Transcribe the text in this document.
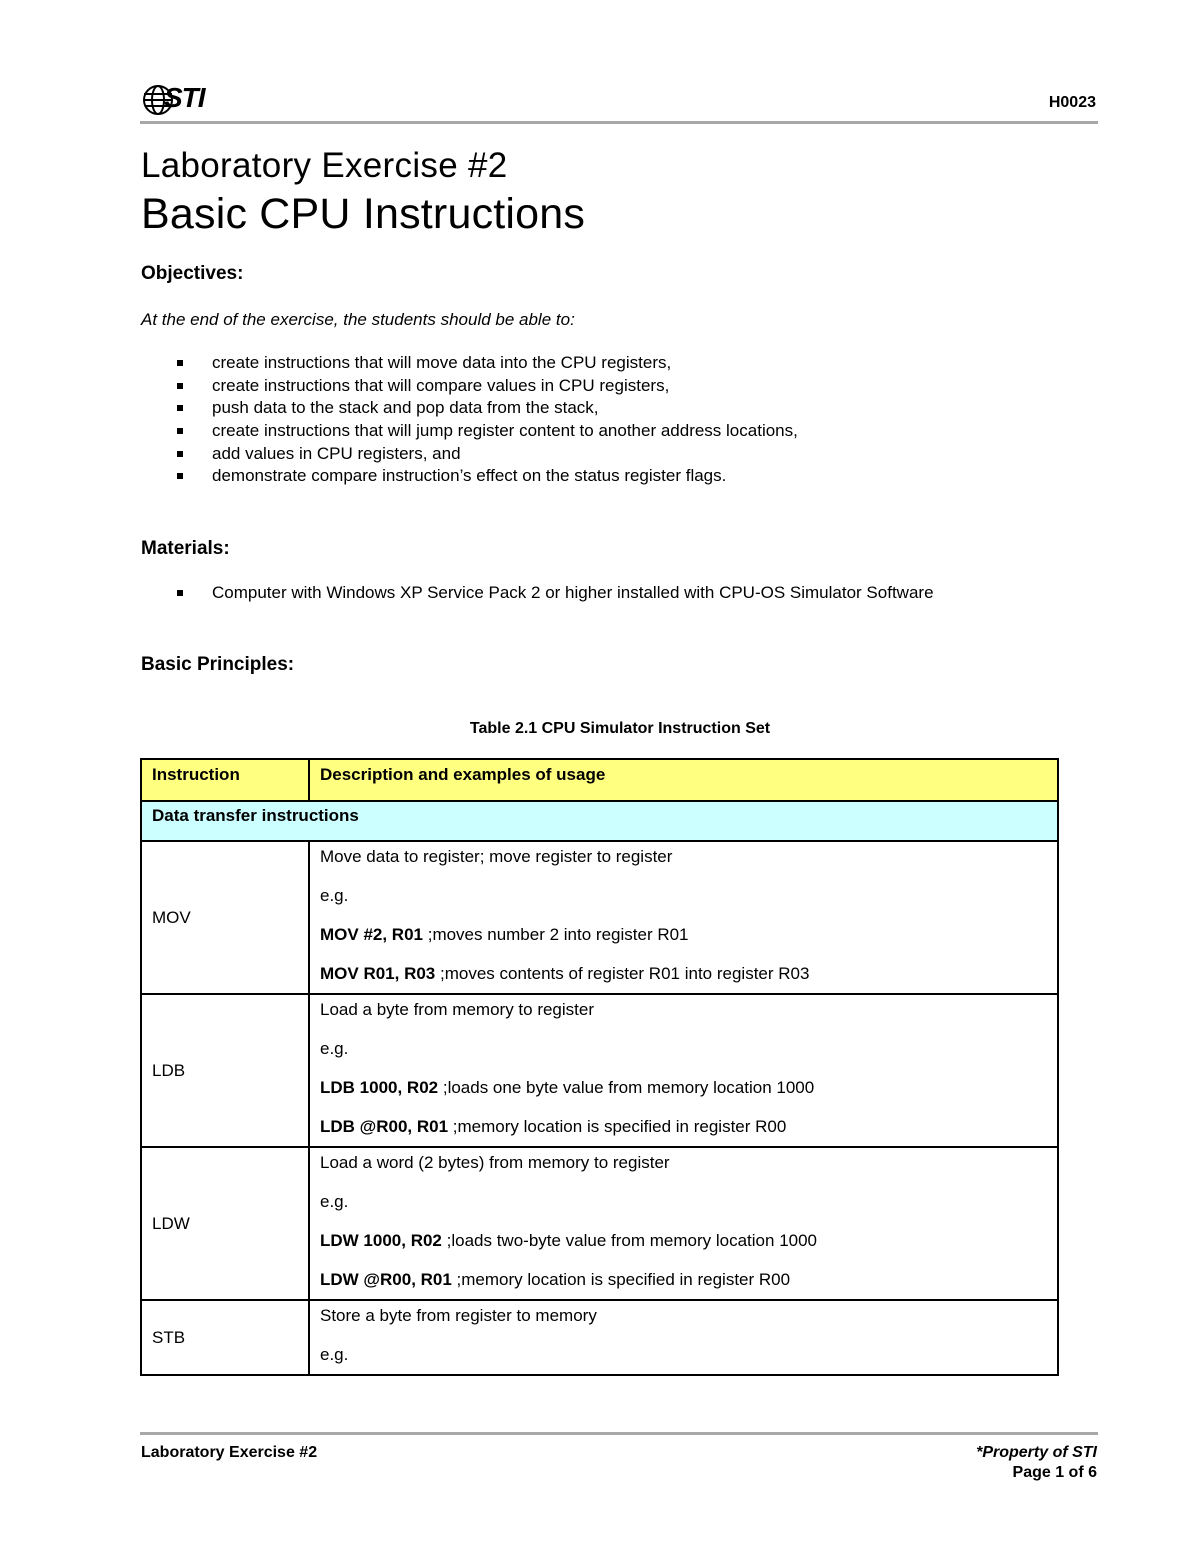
STI	H0023
Laboratory Exercise #2
Basic CPU Instructions
Objectives:
At the end of the exercise, the students should be able to:
create instructions that will move data into the CPU registers,
create instructions that will compare values in CPU registers,
push data to the stack and pop data from the stack,
create instructions that will jump register content to another address locations,
add values in CPU registers, and
demonstrate compare instruction’s effect on the status register flags.
Materials:
Computer with Windows XP Service Pack 2 or higher installed with CPU-OS Simulator Software
Basic Principles:
Table 2.1 CPU Simulator Instruction Set
Instruction	Description and examples of usage
Data transfer instructions	
MOV	Move data to register; move register to register
e.g.
MOV #2, R01 ;moves number 2 into register R01
MOV R01, R03 ;moves contents of register R01 into register R03

LDB	Load a byte from memory to register
e.g.
LDB 1000, R02 ;loads one byte value from memory location 1000
LDB @R00, R01 ;memory location is specified in register R00

LDW	Load a word (2 bytes) from memory to register
e.g.
LDW 1000, R02 ;loads two-byte value from memory location 1000
LDW @R00, R01 ;memory location is specified in register R00

STB	Store a byte from register to memory
e.g.
Laboratory Exercise #2	*Property of STI
Page 1 of 6
